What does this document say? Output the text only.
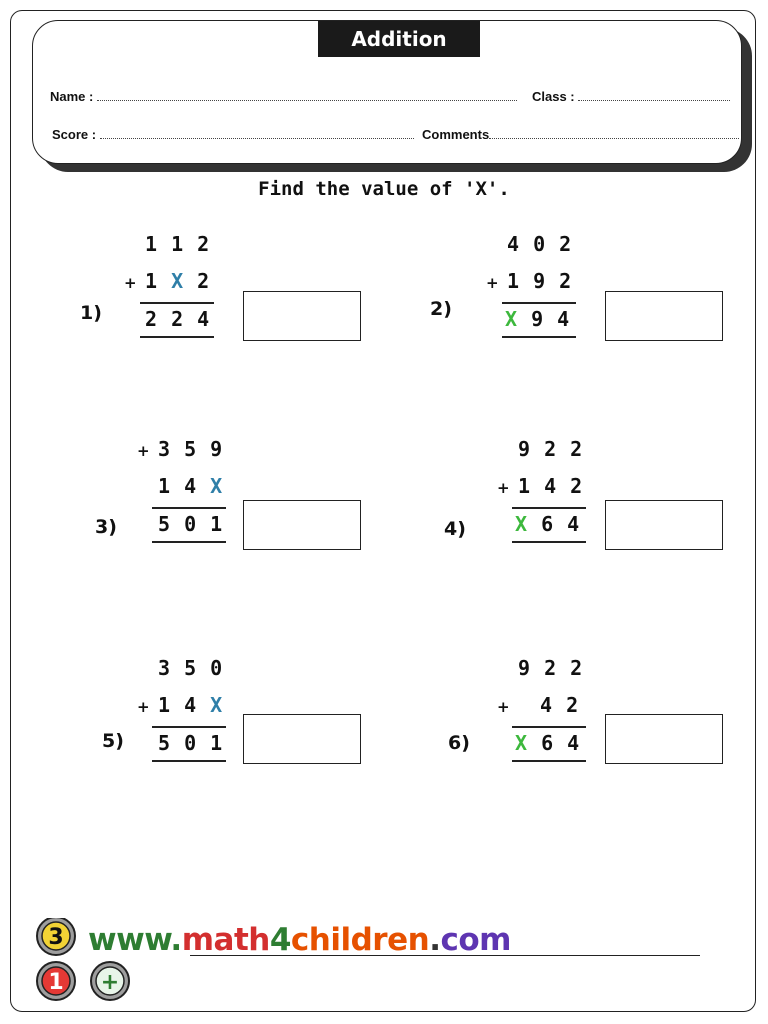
Addition
Name :	Class :
Score :	Comments
Find the value of 'X'.
1 1 2
+ 1 X 2
2 2 4
1)
4 0 2
+ 1 9 2
X 9 4
2)
+ 3 5 9
1 4 X
5 0 1
3)
9 2 2
+ 1 4 2
X 6 4
4)
3 5 0
+ 1 4 X
5 0 1
5)
9 2 2
+ 4 2
X 6 4
6)
3
1 +
www.math4children.com
